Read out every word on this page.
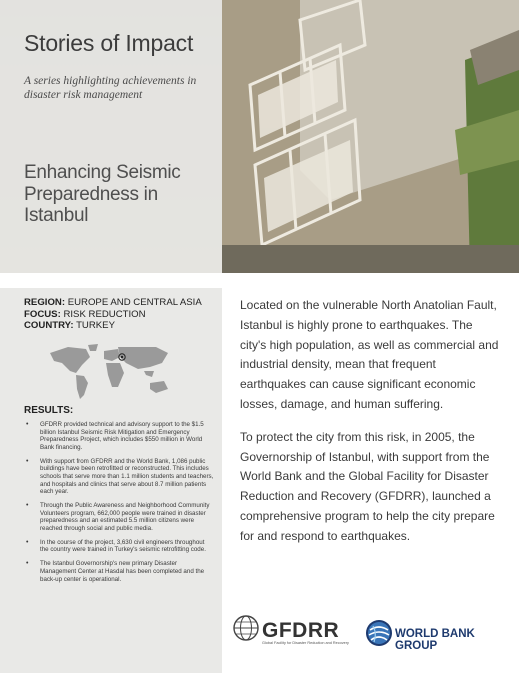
Stories of Impact
A series highlighting achievements in disaster risk management
Enhancing Seismic Preparedness in Istanbul
REGION: EUROPE AND CENTRAL ASIA
FOCUS: RISK REDUCTION
COUNTRY: TURKEY
RESULTS:
• GFDRR provided technical and advisory support to the $1.5 billion Istanbul Seismic Risk Mitigation and Emergency Preparedness Project, which includes $550 million in World Bank financing.
• With support from GFDRR and the World Bank, 1,086 public buildings have been retrofitted or reconstructed. This includes schools that serve more than 1.1 million students and teachers, and hospitals and clinics that serve about 8.7 million patients each year.
• Through the Public Awareness and Neighborhood Community Volunteers program, 662,000 people were trained in disaster preparedness and an estimated 5.5 million citizens were reached through social and public media.
• In the course of the project, 3,630 civil engineers throughout the country were trained in Turkey's seismic retrofitting code.
• The Istanbul Governorship's new primary Disaster Management Center at Hasdal has been completed and the back-up center is operational.

Located on the vulnerable North Anatolian Fault, Istanbul is highly prone to earthquakes. The city's high population, as well as commercial and industrial density, mean that frequent earthquakes can cause significant economic losses, damage, and human suffering.

To protect the city from this risk, in 2005, the Governorship of Istanbul, with support from the World Bank and the Global Facility for Disaster Reduction and Recovery (GFDRR), launched a comprehensive program to help the city prepare for and respond to earthquakes.

GFDRR
Global Facility for Disaster Reduction and Recovery
WORLD BANK GROUP
